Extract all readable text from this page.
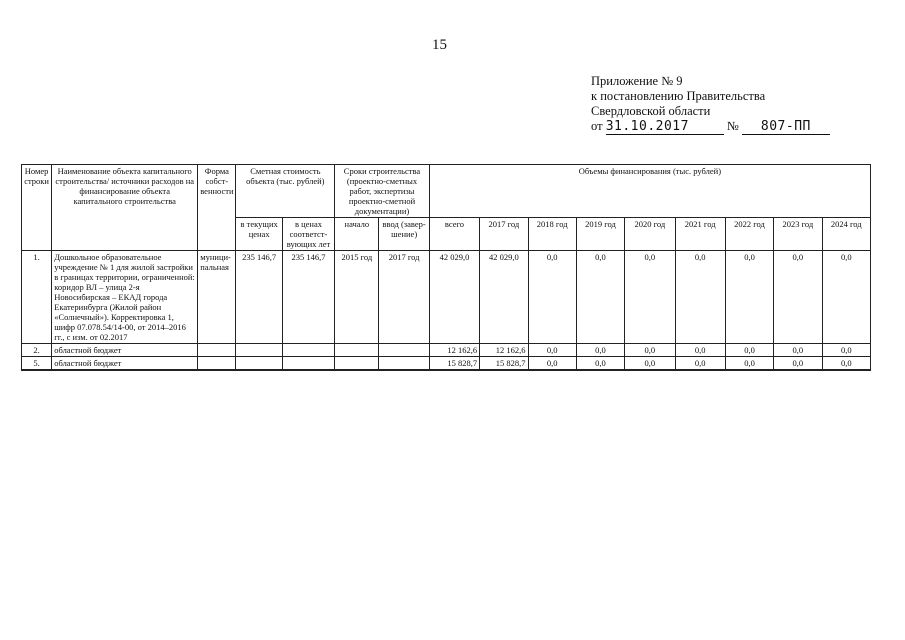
15
Приложение № 9
к постановлению Правительства
Свердловской области
от 31.10.2017	№ 807-ПП
Номер строки	Наименование объекта капитального строительства/ источники расходов на финансирование объекта капитального строительства	Форма собст-венности	Сметная стоимость объекта (тыс. рублей)		Сроки строительства (проектно-сметных работ, экспертизы проектно-сметной документации)		Объемы финансирования (тыс. рублей)								
			в текущих ценах	в ценах соответст-вующих лет	начало	ввод (завер-шение)	всего	2017 год	2018 год	2019 год	2020 год	2021 год	2022 год	2023 год	2024 год
1.	Дошкольное образовательное учреждение № 1 для жилой застройки в границах территории, ограниченной: коридор ВЛ – улица 2-я Новосибирская – ЕКАД города Екатеринбурга (Жилой район «Солнечный»). Корректировка 1, шифр 07.078.54/14-00, от 2014–2016 гг., с изм. от 02.2017	муници-пальная	235 146,7	235 146,7	2015 год	2017 год	42 029,0	42 029,0	0,0	0,0	0,0	0,0	0,0	0,0	0,0
2.	областной бюджет						12 162,6	12 162,6	0,0	0,0	0,0	0,0	0,0	0,0	0,0
5.	областной бюджет						15 828,7	15 828,7	0,0	0,0	0,0	0,0	0,0	0,0	0,0
